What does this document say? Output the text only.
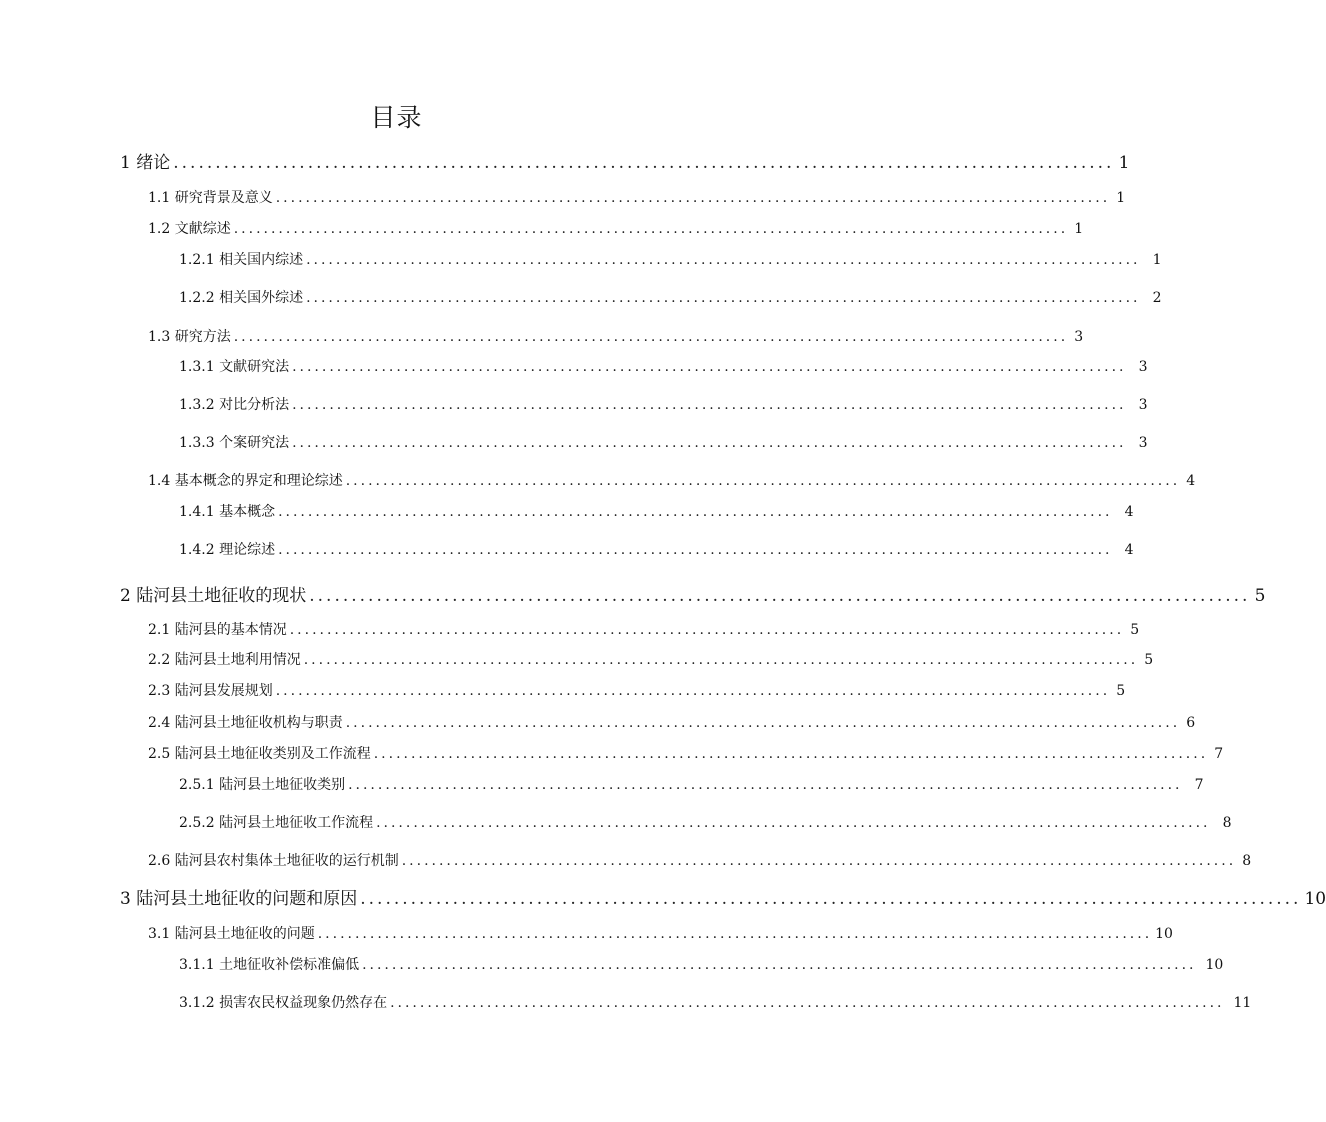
目录
1 绪论 ................................................................................................................ 1
1.1 研究背景及意义 ................................................................................................................ 1
1.2 文献综述 ................................................................................................................ 1
1.2.1 相关国内综述 ................................................................................................................ 1
1.2.2 相关国外综述 ................................................................................................................ 2
1.3 研究方法 ................................................................................................................ 3
1.3.1 文献研究法 ................................................................................................................ 3
1.3.2 对比分析法 ................................................................................................................ 3
1.3.3 个案研究法 ................................................................................................................ 3
1.4 基本概念的界定和理论综述 ................................................................................................................ 4
1.4.1 基本概念 ................................................................................................................ 4
1.4.2 理论综述 ................................................................................................................ 4
2 陆河县土地征收的现状 ................................................................................................................ 5
2.1 陆河县的基本情况 ................................................................................................................ 5
2.2 陆河县土地利用情况 ................................................................................................................ 5
2.3 陆河县发展规划 ................................................................................................................ 5
2.4 陆河县土地征收机构与职责 ................................................................................................................ 6
2.5 陆河县土地征收类别及工作流程 ................................................................................................................ 7
2.5.1 陆河县土地征收类别 ................................................................................................................ 7
2.5.2 陆河县土地征收工作流程 ................................................................................................................ 8
2.6 陆河县农村集体土地征收的运行机制 ................................................................................................................ 8
3 陆河县土地征收的问题和原因 ................................................................................................................ 10
3.1 陆河县土地征收的问题 ................................................................................................................ 10
3.1.1 土地征收补偿标准偏低 ................................................................................................................ 10
3.1.2 损害农民权益现象仍然存在 ................................................................................................................ 11
